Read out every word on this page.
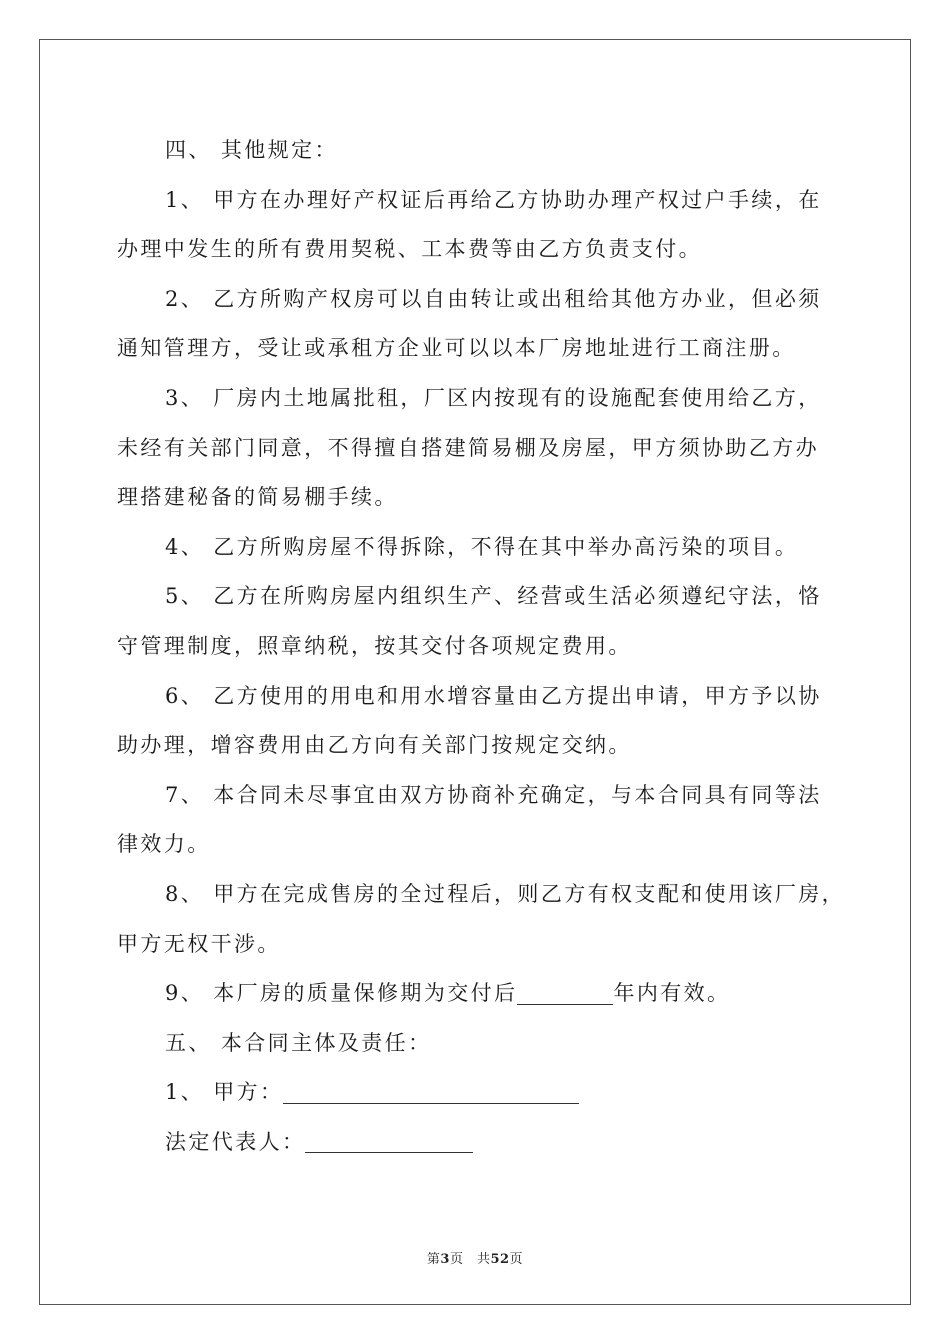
四、 其他规定：
1、 甲方在办理好产权证后再给乙方协助办理产权过户手续，在
办理中发生的所有费用契税、工本费等由乙方负责支付。
2、 乙方所购产权房可以自由转让或出租给其他方办业，但必须
通知管理方，受让或承租方企业可以以本厂房地址进行工商注册。
3、 厂房内土地属批租，厂区内按现有的设施配套使用给乙方，
未经有关部门同意，不得擅自搭建简易棚及房屋，甲方须协助乙方办
理搭建秘备的简易棚手续。
4、 乙方所购房屋不得拆除，不得在其中举办高污染的项目。
5、 乙方在所购房屋内组织生产、经营或生活必须遵纪守法，恪
守管理制度，照章纳税，按其交付各项规定费用。
6、 乙方使用的用电和用水增容量由乙方提出申请，甲方予以协
助办理，增容费用由乙方向有关部门按规定交纳。
7、 本合同未尽事宜由双方协商补充确定，与本合同具有同等法
律效力。
8、 甲方在完成售房的全过程后，则乙方有权支配和使用该厂房，
甲方无权干涉。
9、 本厂房的质量保修期为交付后	年内有效。
五、 本合同主体及责任：
1、 甲方：
法定代表人：
第3页　共52页
